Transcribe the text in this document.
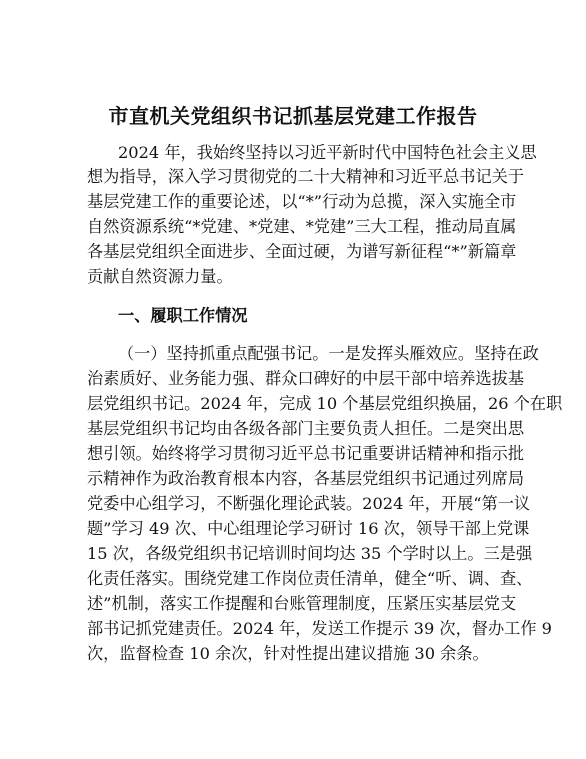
市直机关党组织书记抓基层党建工作报告
2024 年，我始终坚持以习近平新时代中国特色社会主义思
想为指导，深入学习贯彻党的二十大精神和习近平总书记关于
基层党建工作的重要论述，以“*”行动为总揽，深入实施全市
自然资源系统“*党建、*党建、*党建”三大工程，推动局直属
各基层党组织全面进步、全面过硬，为谱写新征程“*”新篇章
贡献自然资源力量。
一、履职工作情况
（一）坚持抓重点配强书记。一是发挥头雁效应。坚持在政
治素质好、业务能力强、群众口碑好的中层干部中培养选拔基
层党组织书记。2024 年，完成 10 个基层党组织换届，26 个在职
基层党组织书记均由各级各部门主要负责人担任。二是突出思
想引领。始终将学习贯彻习近平总书记重要讲话精神和指示批
示精神作为政治教育根本内容，各基层党组织书记通过列席局
党委中心组学习，不断强化理论武装。2024 年，开展“第一议
题”学习 49 次、中心组理论学习研讨 16 次，领导干部上党课
15 次，各级党组织书记培训时间均达 35 个学时以上。三是强
化责任落实。围绕党建工作岗位责任清单，健全“听、调、查、
述”机制，落实工作提醒和台账管理制度，压紧压实基层党支
部书记抓党建责任。2024 年，发送工作提示 39 次，督办工作 9
次，监督检查 10 余次，针对性提出建议措施 30 余条。
